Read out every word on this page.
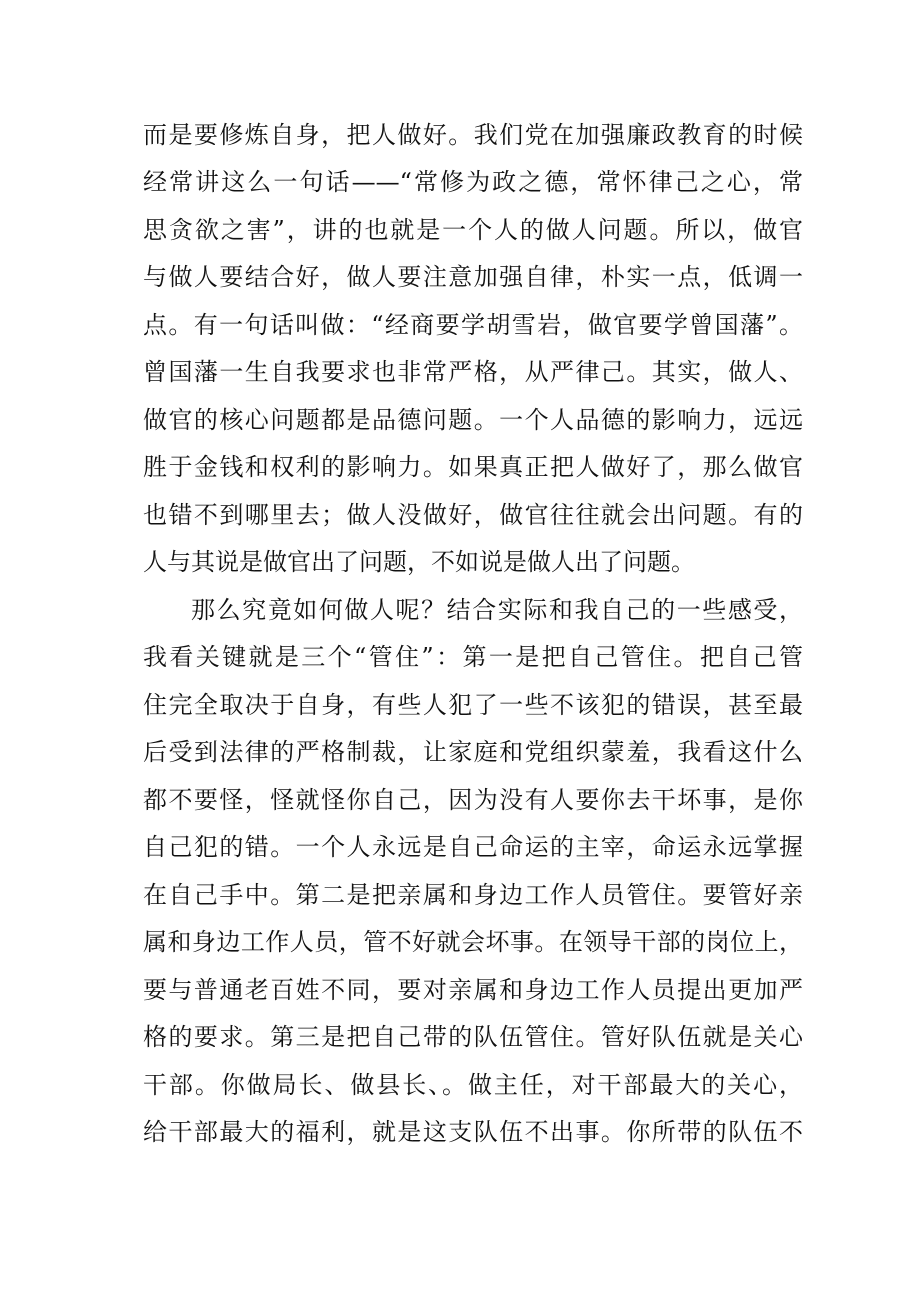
而是要修炼自身，把人做好。我们党在加强廉政教育的时候
经常讲这么一句话——“常修为政之德，常怀律己之心，常
思贪欲之害”，讲的也就是一个人的做人问题。所以，做官
与做人要结合好，做人要注意加强自律，朴实一点，低调一
点。有一句话叫做：“经商要学胡雪岩，做官要学曾国藩”。
曾国藩一生自我要求也非常严格，从严律己。其实，做人、
做官的核心问题都是品德问题。一个人品德的影响力，远远
胜于金钱和权利的影响力。如果真正把人做好了，那么做官
也错不到哪里去；做人没做好，做官往往就会出问题。有的
人与其说是做官出了问题，不如说是做人出了问题。
那么究竟如何做人呢？结合实际和我自己的一些感受，
我看关键就是三个“管住”：第一是把自己管住。把自己管
住完全取决于自身，有些人犯了一些不该犯的错误，甚至最
后受到法律的严格制裁，让家庭和党组织蒙羞，我看这什么
都不要怪，怪就怪你自己，因为没有人要你去干坏事，是你
自己犯的错。一个人永远是自己命运的主宰，命运永远掌握
在自己手中。第二是把亲属和身边工作人员管住。要管好亲
属和身边工作人员，管不好就会坏事。在领导干部的岗位上，
要与普通老百姓不同，要对亲属和身边工作人员提出更加严
格的要求。第三是把自己带的队伍管住。管好队伍就是关心
干部。你做局长、做县长、。做主任，对干部最大的关心，
给干部最大的福利，就是这支队伍不出事。你所带的队伍不
